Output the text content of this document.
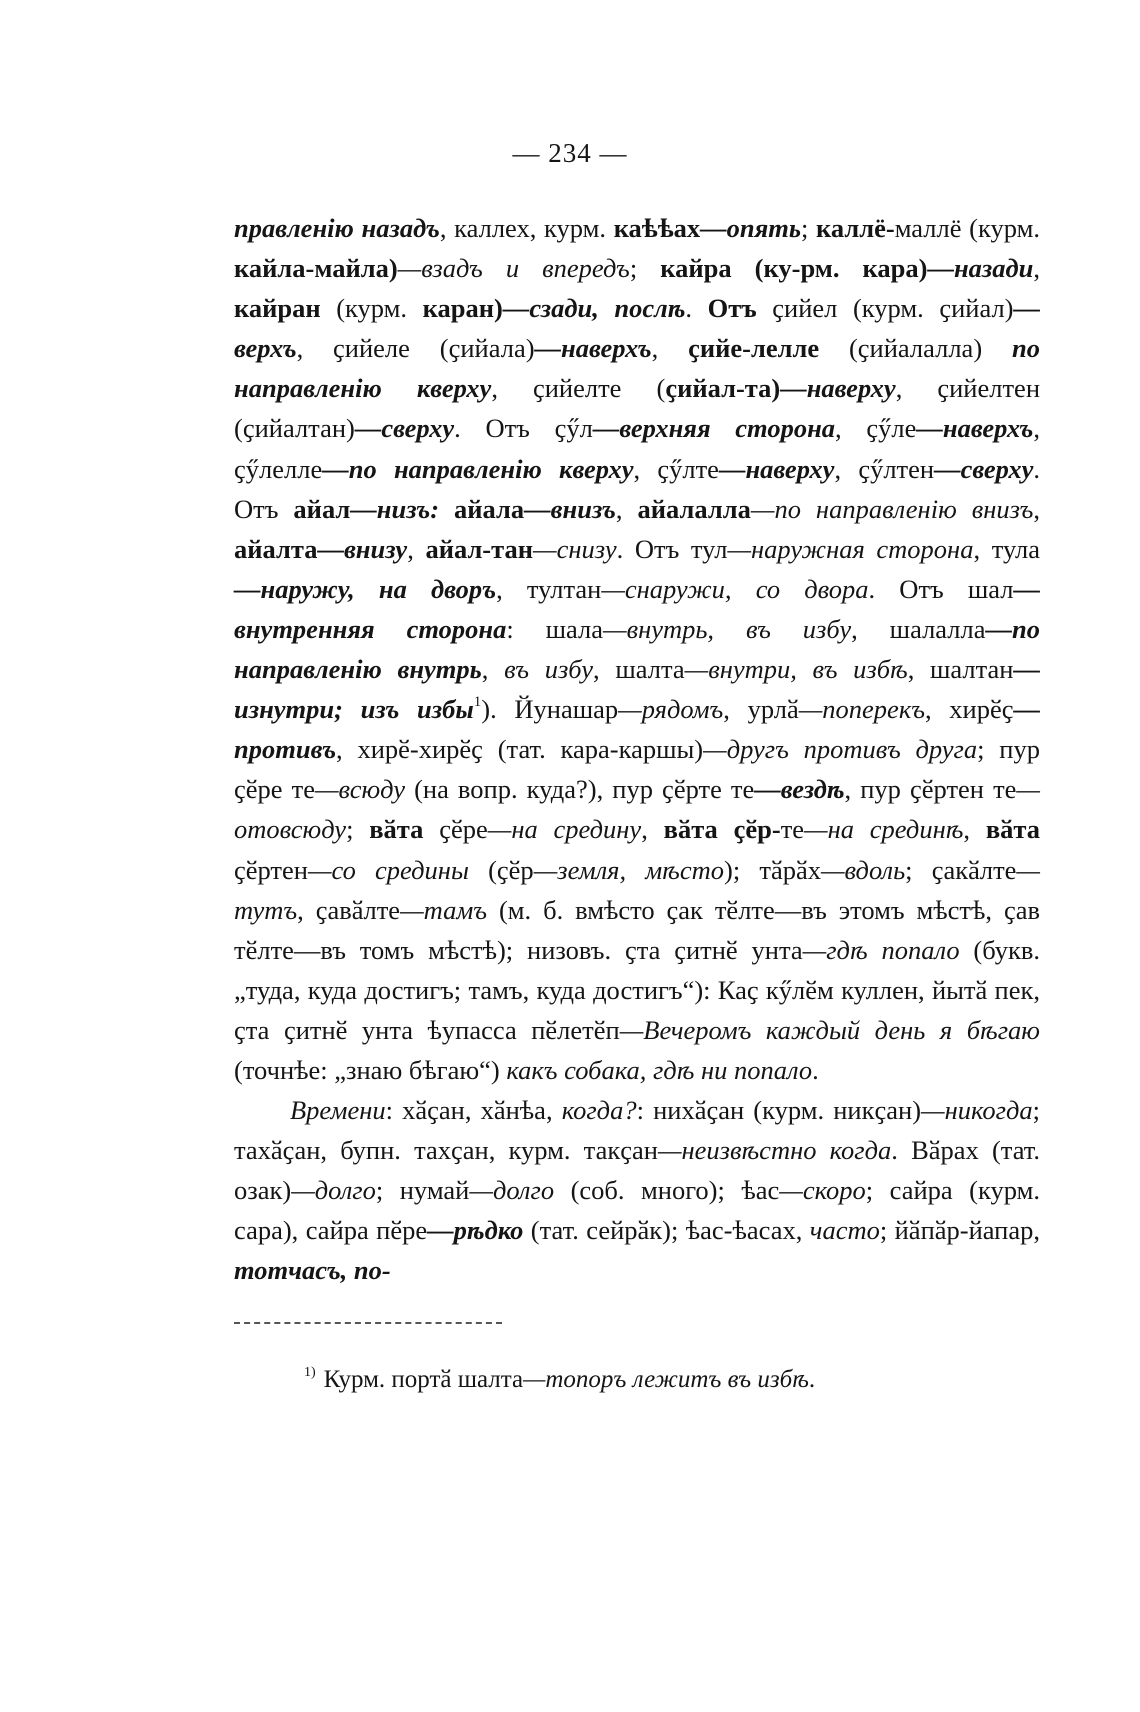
— 234 —

правленію назадъ, каллех, курм. каѣѣах—опять; каллё-маллё (курм. кайла-майла)—взадъ и впередъ; кайра (ку-рм. кара)—назади, кайран (курм. каран)—сзади, послѣ. Отъ ҫийел (курм. ҫийал)—верхъ, ҫийеле (ҫийала)—наверхъ, ҫийе-лелле (ҫийалалла) по направленію кверху, ҫийелте (ҫийал-та)—наверху, ҫийелтен (ҫийалтан)—сверху. Отъ ҫӳл—верхняя сторона, ҫӳле—наверхъ, ҫӳлелле—по направленію кверху, ҫӳлте—наверху, ҫӳлтен—сверху. Отъ айал—низъ: айала—внизъ, айалалла—по направленію внизъ, айалта—внизу, айал-тан—снизу. Отъ тул—наружная сторона, тула—наружу, на дворъ, тултан—снаружи, со двора. Отъ шал—внутренняя сторона: шала—внутрь, въ избу, шалалла—по направленію внутрь, въ избу, шалта—внутри, въ избѣ, шалтан—изнутри; изъ избы$^1$). Йунашар—рядомъ, урлӑ—поперекъ, хирӗҫ—противъ, хирӗ-хирӗҫ (тат. кара-каршы)—другъ противъ друга; пур ҫӗре те—всюду (на вопр. куда?), пур ҫӗрте те—вездѣ, пур ҫӗртен те—отовсюду; вӑта ҫӗре—на средину, вӑта ҫӗр-те—на срединѣ, вӑта ҫӗртен—со средины (ҫӗр—земля, мѣсто); тӑрӑх—вдоль; ҫакӑлте—тутъ, ҫавӑлте—тамъ (м. б. вмѣсто ҫак тӗлте—въ этомъ мѣстѣ, ҫав тӗлте—въ томъ мѣстѣ); низовъ. ҫта ҫитнӗ унта—гдѣ попало (букв. „туда, куда достигъ; тамъ, куда достигъ“): Каҫ кӳлӗм куллен, йытӑ пек, ҫта ҫитнӗ унта ѣупасса пӗлетӗп—Вечеромъ каждый день я бѣгаю (точнѣе: „знаю бѣгаю“) какъ собака, гдѣ ни попало.

Времени: хӑҫан, хӑнѣа, когда?: нихӑҫан (курм. никҫан)—никогда; тахӑҫан, бупн. тахҫан, курм. такҫан—неизвѣстно когда. Вӑрах (тат. озак)—долго; нумай—долго (соб. много); ѣас—скоро; сайра (курм. сара), сайра пӗре—рѣдко (тат. сейрӑк); ѣас-ѣасах, часто; йӑпӑр-йапар, тотчасъ, по-

$^{1)}$ Курм. портӑ шалта—топоръ лежитъ въ избѣ.
